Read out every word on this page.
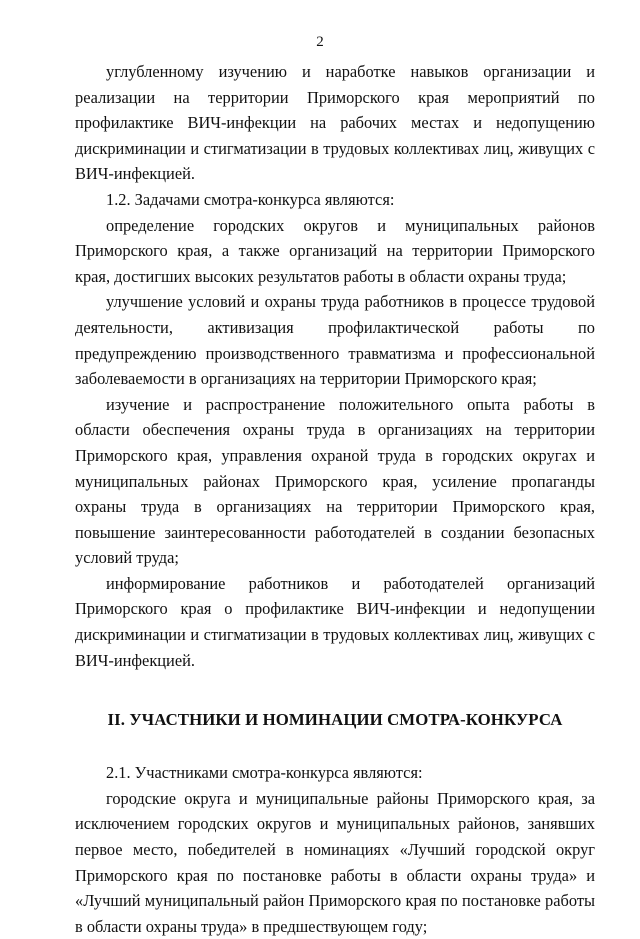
2

углубленному изучению и наработке навыков организации и реализации на территории Приморского края мероприятий по профилактике ВИЧ-инфекции на рабочих местах и недопущению дискриминации и стигматизации в трудовых коллективах лиц, живущих с ВИЧ-инфекцией.

1.2. Задачами смотра-конкурса являются:

определение городских округов и муниципальных районов Приморского края, а также организаций на территории Приморского края, достигших высоких результатов работы в области охраны труда;

улучшение условий и охраны труда работников в процессе трудовой деятельности, активизация профилактической работы по предупреждению производственного травматизма и профессиональной заболеваемости в организациях на территории Приморского края;

изучение и распространение положительного опыта работы в области обеспечения охраны труда в организациях на территории Приморского края, управления охраной труда в городских округах и муниципальных районах Приморского края, усиление пропаганды охраны труда в организациях на территории Приморского края, повышение заинтересованности работодателей в создании безопасных условий труда;

информирование работников и работодателей организаций Приморского края о профилактике ВИЧ-инфекции и недопущении дискриминации и стигматизации в трудовых коллективах лиц, живущих с ВИЧ-инфекцией.

II. УЧАСТНИКИ И НОМИНАЦИИ СМОТРА-КОНКУРСА

2.1. Участниками смотра-конкурса являются:

городские округа и муниципальные районы Приморского края, за исключением городских округов и муниципальных районов, занявших первое место, победителей в номинациях «Лучший городской округ Приморского края по постановке работы в области охраны труда» и «Лучший муниципальный район Приморского края по постановке работы в области охраны труда» в предшествующем году;
